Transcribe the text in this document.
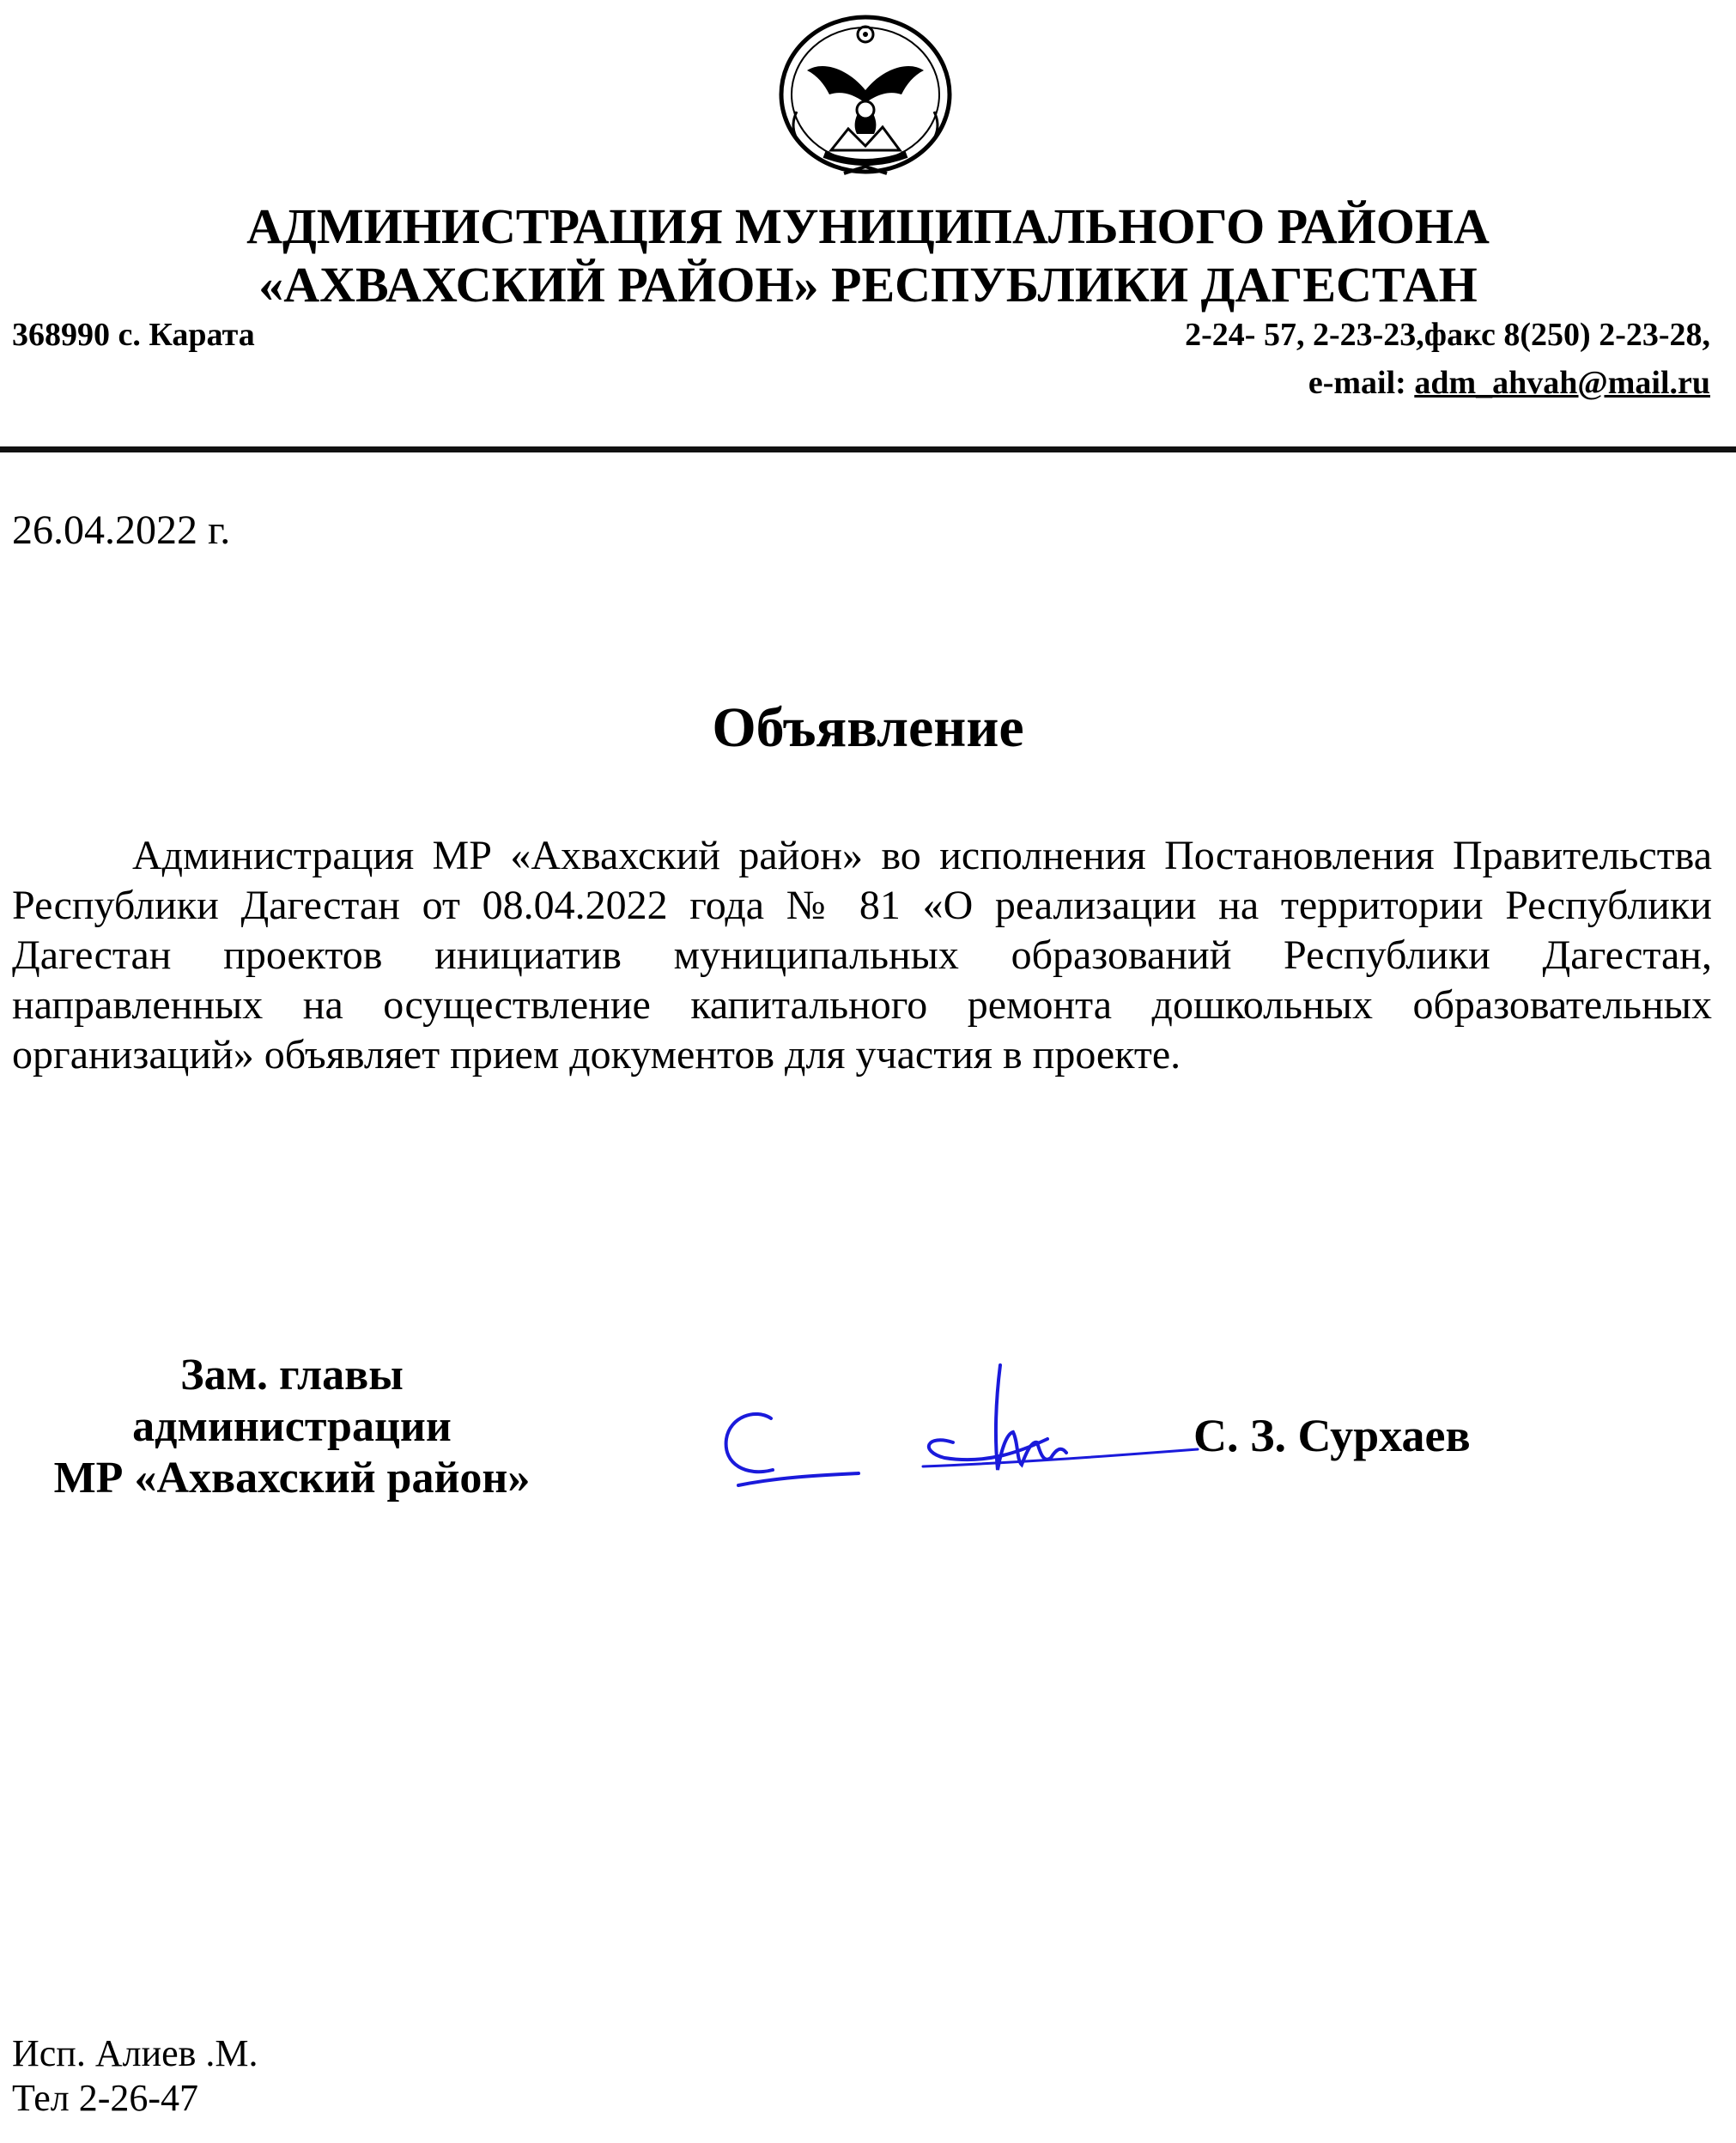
АДМИНИСТРАЦИЯ МУНИЦИПАЛЬНОГО РАЙОНА
«АХВАХСКИЙ РАЙОН» РЕСПУБЛИКИ ДАГЕСТАН
368990 с. Карата	2-24- 57, 2-23-23,факс 8(250) 2-23-28,
e-mail: adm_ahvah@mail.ru
26.04.2022 г.
Объявление

Администрация МР «Ахвахский район» во исполнения Постановления Правительства Республики Дагестан от 08.04.2022 года № 81 «О реализации на территории Республики Дагестан проектов инициатив муниципальных образований Республики Дагестан, направленных на осуществление капитального ремонта дошкольных образовательных организаций» объявляет прием документов для участия в проекте.

Зам. главы
администрации
МР «Ахвахский район»
С. З. Сурхаев
Исп. Алиев .М.
Тел 2-26-47
